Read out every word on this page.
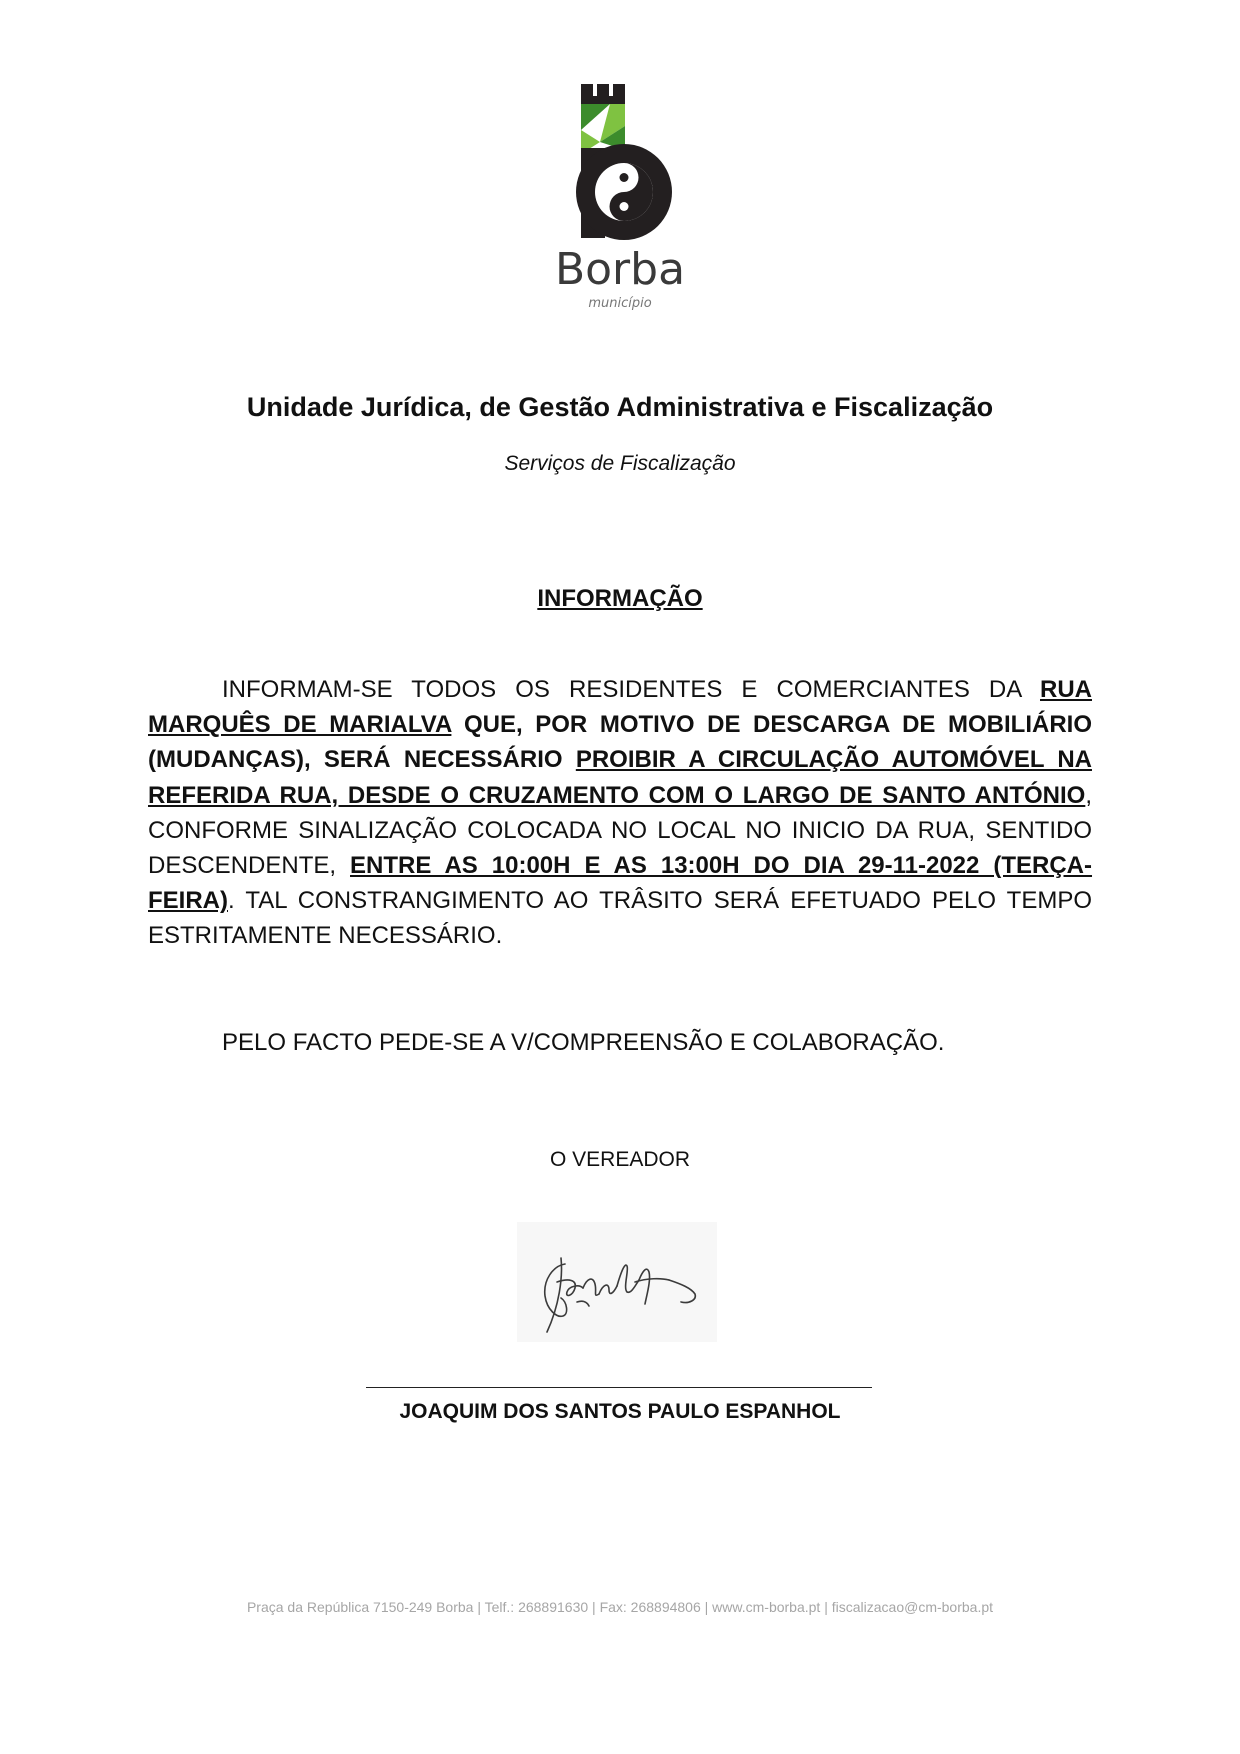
Borba
município
Unidade Jurídica, de Gestão Administrativa e Fiscalização
Serviços de Fiscalização
INFORMAÇÃO

INFORMAM-SE TODOS OS RESIDENTES E COMERCIANTES DA RUA MARQUÊS DE MARIALVA QUE, POR MOTIVO DE DESCARGA DE MOBILIÁRIO (MUDANÇAS), SERÁ NECESSÁRIO PROIBIR A CIRCULAÇÃO AUTOMÓVEL NA REFERIDA RUA, DESDE O CRUZAMENTO COM O LARGO DE SANTO ANTÓNIO, CONFORME SINALIZAÇÃO COLOCADA NO LOCAL NO INICIO DA RUA, SENTIDO DESCENDENTE, ENTRE AS 10:00H E AS 13:00H DO DIA 29-11-2022 (TERÇA-FEIRA). TAL CONSTRANGIMENTO AO TRÂSITO SERÁ EFETUADO PELO TEMPO ESTRITAMENTE NECESSÁRIO.

PELO FACTO PEDE-SE A V/COMPREENSÃO E COLABORAÇÃO.
O VEREADOR
JOAQUIM DOS SANTOS PAULO ESPANHOL
Praça da República 7150-249 Borba | Telf.: 268891630 | Fax: 268894806 | www.cm-borba.pt | fiscalizacao@cm-borba.pt
